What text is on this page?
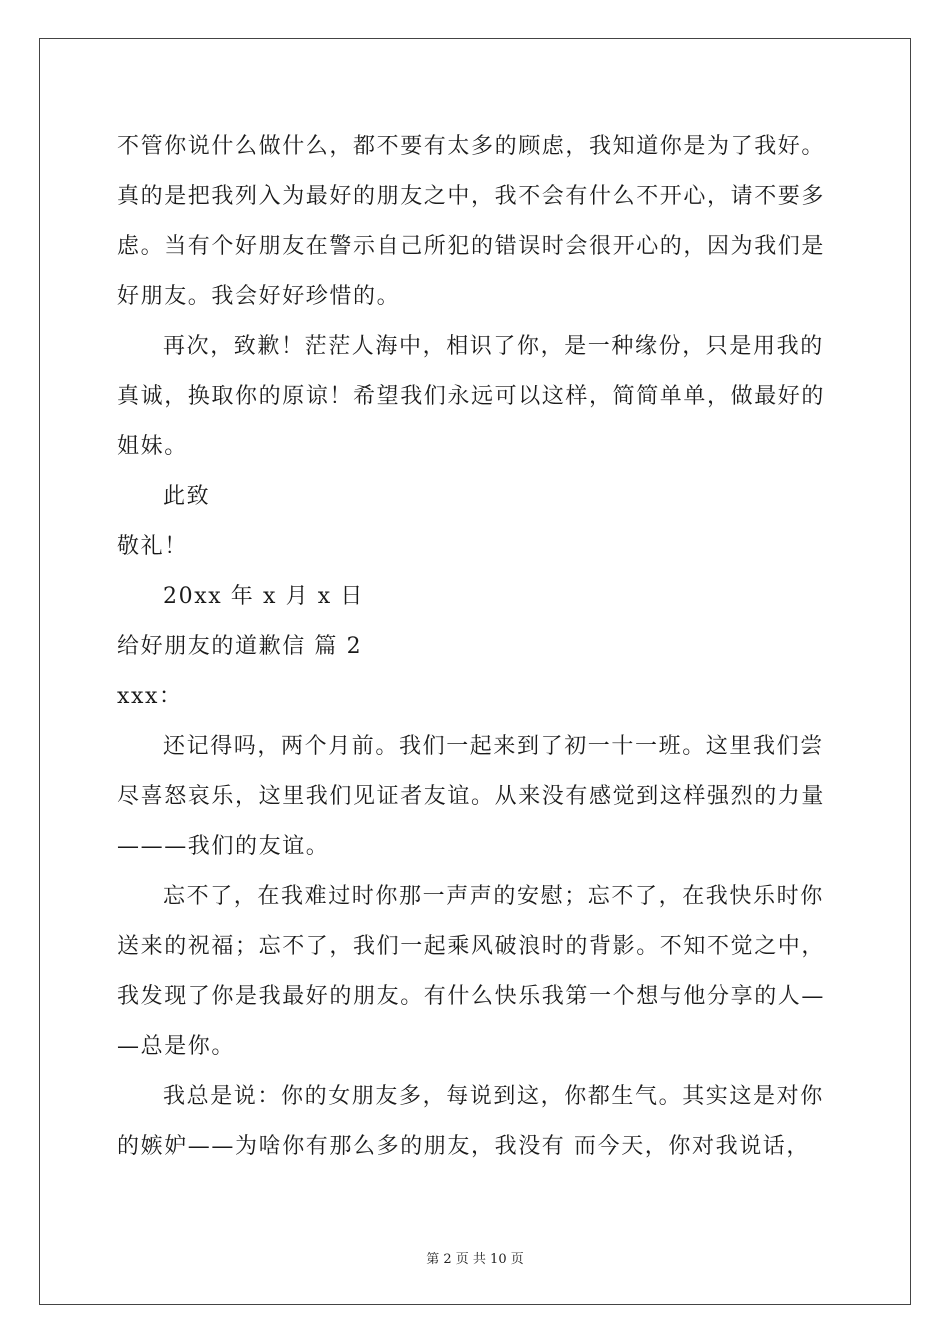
不管你说什么做什么，都不要有太多的顾虑，我知道你是为了我好。
真的是把我列入为最好的朋友之中，我不会有什么不开心，请不要多
虑。当有个好朋友在警示自己所犯的错误时会很开心的，因为我们是
好朋友。我会好好珍惜的。
再次，致歉！茫茫人海中，相识了你，是一种缘份，只是用我的
真诚，换取你的原谅！希望我们永远可以这样，简简单单，做最好的
姐妹。
此致
敬礼！
20xx 年 x 月 x 日
给好朋友的道歉信 篇 2
xxx：
还记得吗，两个月前。我们一起来到了初一十一班。这里我们尝
尽喜怒哀乐，这里我们见证者友谊。从来没有感觉到这样强烈的力量
———我们的友谊。
忘不了，在我难过时你那一声声的安慰；忘不了，在我快乐时你
送来的祝福；忘不了，我们一起乘风破浪时的背影。不知不觉之中，
我发现了你是我最好的朋友。有什么快乐我第一个想与他分享的人—
—总是你。
我总是说：你的女朋友多，每说到这，你都生气。其实这是对你
的嫉妒——为啥你有那么多的朋友，我没有 而今天，你对我说话，
第 2 页 共 10 页
